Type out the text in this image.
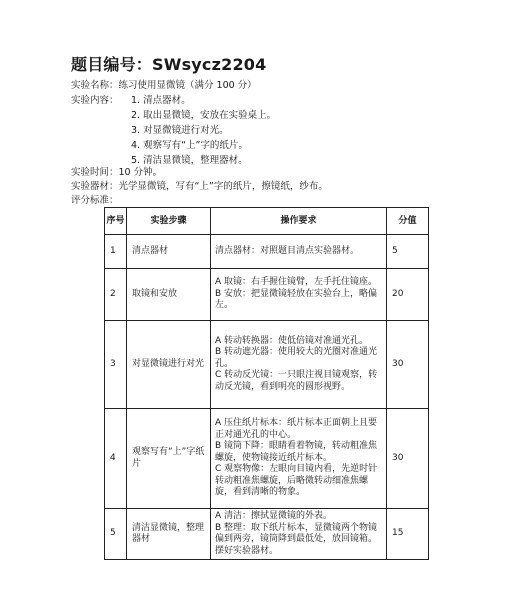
题目编号：SWsycz2204
实验名称：练习使用显微镜（满分 100 分）
实验内容： 1. 清点器材。
2. 取出显微镜，安放在实验桌上。
3. 对显微镜进行对光。
4. 观察写有“上”字的纸片。
5. 清洁显微镜，整理器材。
实验时间：10 分钟。
实验器材：光学显微镜，写有“上”字的纸片，擦镜纸，纱布。
评分标准：
序号	实验步骤	操作要求	分值
1	清点器材	清点器材：对照题目清点实验器材。	5
2	取镜和安放	A 取镜：右手握住镜臂，左手托住镜座。
B 安放：把显微镜轻放在实验台上，略偏左。	20
3	对显微镜进行对光	A 转动转换器：使低倍镜对准通光孔。
B 转动遮光器：使用较大的光圈对准通光孔。
C 转动反光镜：一只眼注视目镜观察，转动反光镜，看到明亮的圆形视野。	30
4	观察写有“上”字纸片	A 压住纸片标本：纸片标本正面朝上且要正对通光孔的中心。
B 镜筒下降：眼睛看着物镜，转动粗准焦螺旋，使物镜接近纸片标本。
C 观察物像：左眼向目镜内看，先逆时针转动粗准焦螺旋，后略微转动细准焦螺旋，看到清晰的物象。	30
5	清洁显微镜，整理器材	A 清洁：擦拭显微镜的外表。
B 整理：取下纸片标本，显微镜两个物镜偏到两旁，镜筒降到最低处，放回镜箱。摆好实验器材。	15
